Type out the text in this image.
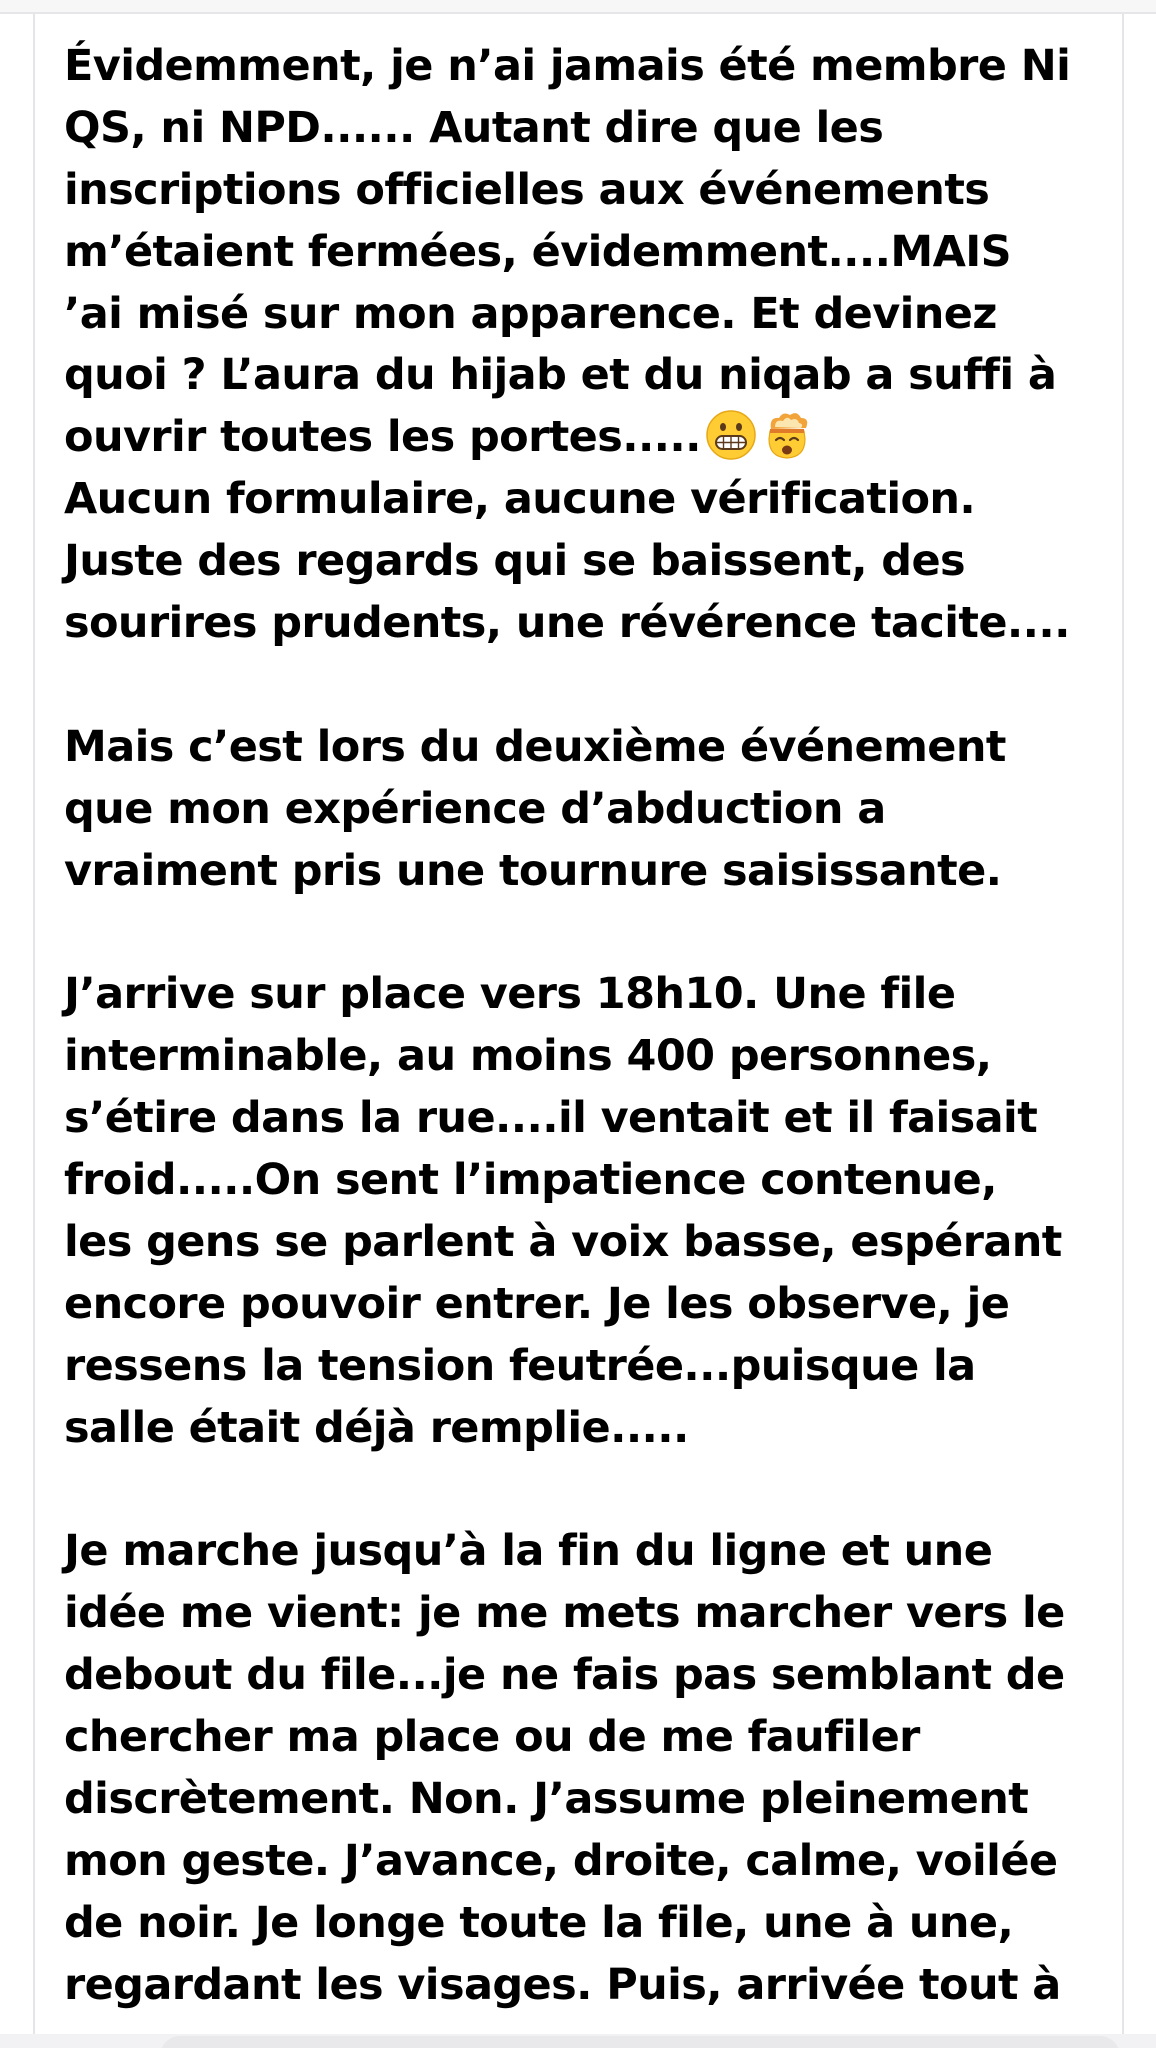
Évidemment, je n’ai jamais été membre Ni
QS, ni NPD...... Autant dire que les
inscriptions officielles aux événements
m’étaient fermées, évidemment....MAIS
’ai misé sur mon apparence. Et devinez
quoi ? L’aura du hijab et du niqab a suffi à
ouvrir toutes les portes.....
Aucun formulaire, aucune vérification.
Juste des regards qui se baissent, des
sourires prudents, une révérence tacite....
Mais c’est lors du deuxième événement
que mon expérience d’abduction a
vraiment pris une tournure saisissante.
J’arrive sur place vers 18h10. Une file
interminable, au moins 400 personnes,
s’étire dans la rue....il ventait et il faisait
froid.....On sent l’impatience contenue,
les gens se parlent à voix basse, espérant
encore pouvoir entrer. Je les observe, je
ressens la tension feutrée...puisque la
salle était déjà remplie.....
Je marche jusqu’à la fin du ligne et une
idée me vient: je me mets marcher vers le
debout du file...je ne fais pas semblant de
chercher ma place ou de me faufiler
discrètement. Non. J’assume pleinement
mon geste. J’avance, droite, calme, voilée
de noir. Je longe toute la file, une à une,
regardant les visages. Puis, arrivée tout à
